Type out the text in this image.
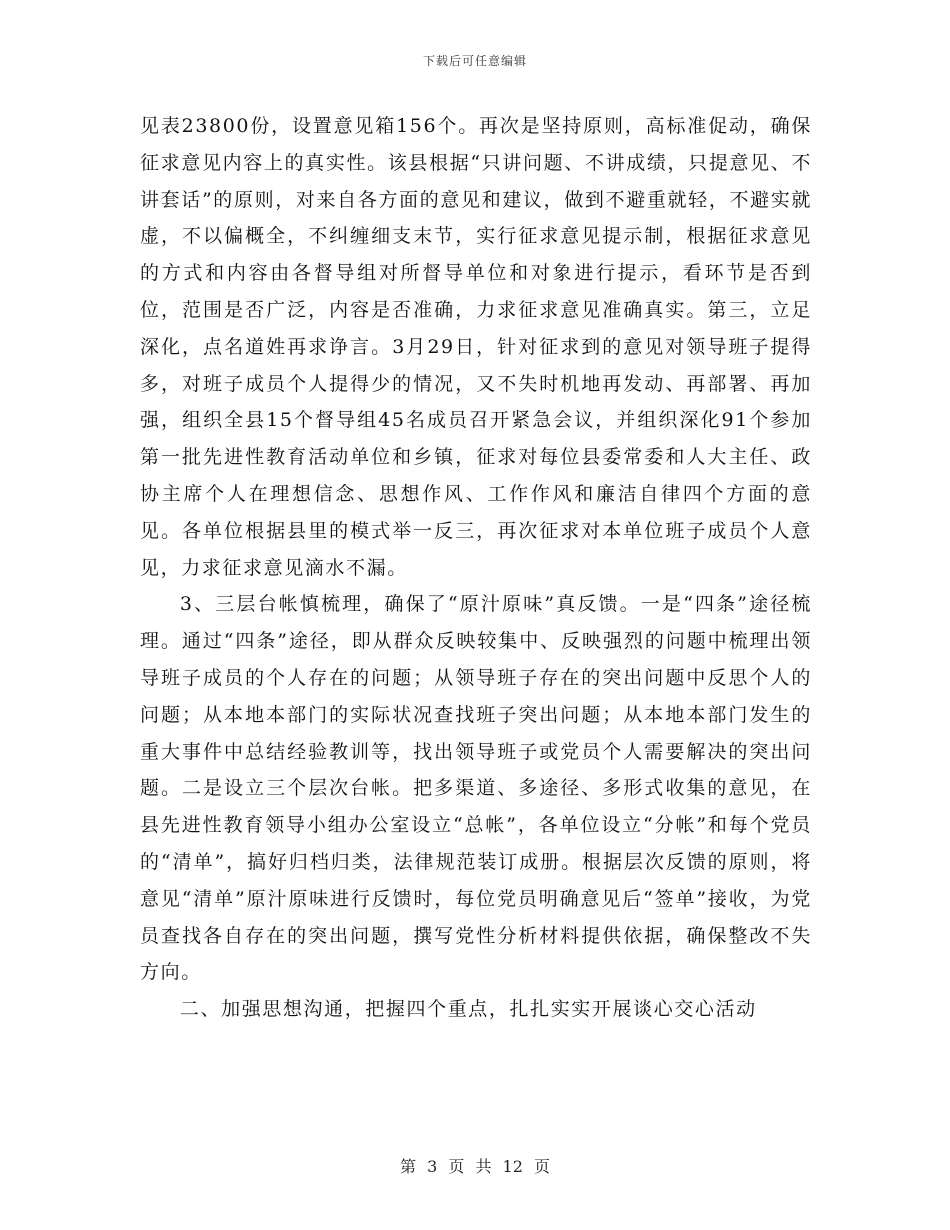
下载后可任意编辑

见表23800份，设置意见箱156个。再次是坚持原则，高标准促动，确保征求意见内容上的真实性。该县根据“只讲问题、不讲成绩，只提意见、不讲套话”的原则，对来自各方面的意见和建议，做到不避重就轻，不避实就虚，不以偏概全，不纠缠细支末节，实行征求意见提示制，根据征求意见的方式和内容由各督导组对所督导单位和对象进行提示，看环节是否到位，范围是否广泛，内容是否准确，力求征求意见准确真实。第三，立足深化，点名道姓再求诤言。3月29日，针对征求到的意见对领导班子提得多，对班子成员个人提得少的情况，又不失时机地再发动、再部署、再加强，组织全县15个督导组45名成员召开紧急会议，并组织深化91个参加第一批先进性教育活动单位和乡镇，征求对每位县委常委和人大主任、政协主席个人在理想信念、思想作风、工作作风和廉洁自律四个方面的意见。各单位根据县里的模式举一反三，再次征求对本单位班子成员个人意见，力求征求意见滴水不漏。

3、三层台帐慎梳理，确保了“原汁原味”真反馈。一是“四条”途径梳理。通过“四条”途径，即从群众反映较集中、反映强烈的问题中梳理出领导班子成员的个人存在的问题；从领导班子存在的突出问题中反思个人的问题；从本地本部门的实际状况查找班子突出问题；从本地本部门发生的重大事件中总结经验教训等，找出领导班子或党员个人需要解决的突出问题。二是设立三个层次台帐。把多渠道、多途径、多形式收集的意见，在县先进性教育领导小组办公室设立“总帐”，各单位设立“分帐”和每个党员的“清单”，搞好归档归类，法律规范装订成册。根据层次反馈的原则，将意见“清单”原汁原味进行反馈时，每位党员明确意见后“签单”接收，为党员查找各自存在的突出问题，撰写党性分析材料提供依据，确保整改不失方向。

二、加强思想沟通，把握四个重点，扎扎实实开展谈心交心活动

第 3 页 共 12 页
